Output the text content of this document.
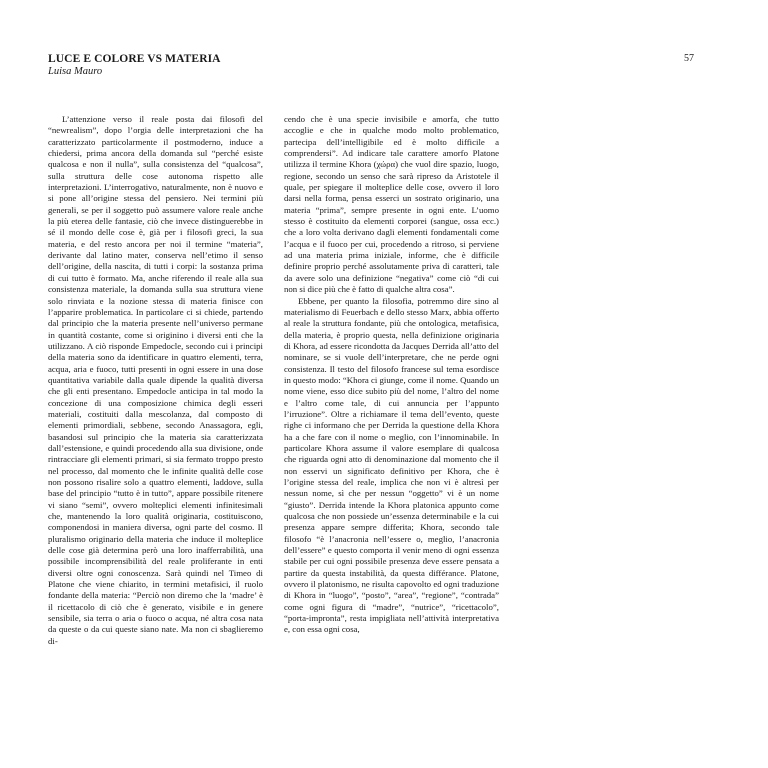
LUCE E COLORE VS MATERIA
Luisa Mauro
57

L’attenzione verso il reale posta dai filosofi del “newrealism”, dopo l’orgia delle interpretazioni che ha caratterizzato particolarmente il postmoderno, induce a chiedersi, prima ancora della domanda sul “perché esiste qualcosa e non il nulla”, sulla consistenza del “qualcosa”, sulla struttura delle cose autonoma rispetto alle interpretazioni. L’interrogativo, naturalmente, non è nuovo e si pone all’origine stessa del pensiero. Nei termini più generali, se per il soggetto può assumere valore reale anche la più eterea delle fantasie, ciò che invece distinguerebbe in sé il mondo delle cose è, già per i filosofi greci, la sua materia, e del resto ancora per noi il termine “materia”, derivante dal latino mater, conserva nell’etimo il senso dell’origine, della nascita, di tutti i corpi: la sostanza prima di cui tutto è formato. Ma, anche riferendo il reale alla sua consistenza materiale, la domanda sulla sua struttura viene solo rinviata e la nozione stessa di materia finisce con l’apparire problematica. In particolare ci si chiede, partendo dal principio che la materia presente nell’universo permane in quantità costante, come si originino i diversi enti che la utilizzano. A ciò risponde Empedocle, secondo cui i principi della materia sono da identificare in quattro elementi, terra, acqua, aria e fuoco, tutti presenti in ogni essere in una dose quantitativa variabile dalla quale dipende la qualità diversa che gli enti presentano. Empedocle anticipa in tal modo la concezione di una composizione chimica degli esseri materiali, costituiti dalla mescolanza, dal composto di elementi primordiali, sebbene, secondo Anassagora, egli, basandosi sul principio che la materia sia caratterizzata dall’estensione, e quindi procedendo alla sua divisione, onde rintracciare gli elementi primari, si sia fermato troppo presto nel processo, dal momento che le infinite qualità delle cose non possono risalire solo a quattro elementi, laddove, sulla base del principio “tutto è in tutto”, appare possibile ritenere vi siano “semi”, ovvero molteplici elementi infinitesimali che, mantenendo la loro qualità originaria, costituiscono, componendosi in maniera diversa, ogni parte del cosmo. Il pluralismo originario della materia che induce il molteplice delle cose già determina però una loro inafferrabilità, una possibile incomprensibilità del reale proliferante in enti diversi oltre ogni conoscenza. Sarà quindi nel Timeo di Platone che viene chiarito, in termini metafisici, il ruolo fondante della materia: “Perciò non diremo che la ‘madre’ è il ricettacolo di ciò che è generato, visibile e in genere sensibile, sia terra o aria o fuoco o acqua, né altra cosa nata da queste o da cui queste siano nate. Ma non ci sbaglieremo di-

cendo che è una specie invisibile e amorfa, che tutto accoglie e che in qualche modo molto problematico, partecipa dell’intelligibile ed è molto difficile a comprendersi”. Ad indicare tale carattere amorfo Platone utilizza il termine Khora (χώρα) che vuol dire spazio, luogo, regione, secondo un senso che sarà ripreso da Aristotele il quale, per spiegare il molteplice delle cose, ovvero il loro darsi nella forma, pensa esserci un sostrato originario, una materia “prima”, sempre presente in ogni ente. L’uomo stesso è costituito da elementi corporei (sangue, ossa ecc.) che a loro volta derivano dagli elementi fondamentali come l’acqua e il fuoco per cui, procedendo a ritroso, si perviene ad una materia prima iniziale, informe, che è difficile definire proprio perché assolutamente priva di caratteri, tale da avere solo una definizione “negativa” come ciò “di cui non si dice più che è fatto di qualche altra cosa”.

Ebbene, per quanto la filosofia, potremmo dire sino al materialismo di Feuerbach e dello stesso Marx, abbia offerto al reale la struttura fondante, più che ontologica, metafisica, della materia, è proprio questa, nella definizione originaria di Khora, ad essere ricondotta da Jacques Derrida all’atto del nominare, se si vuole dell’interpretare, che ne perde ogni consistenza. Il testo del filosofo francese sul tema esordisce in questo modo: “Khora ci giunge, come il nome. Quando un nome viene, esso dice subito più del nome, l’altro del nome e l’altro come tale, di cui annuncia per l’appunto l’irruzione”. Oltre a richiamare il tema dell’evento, queste righe ci informano che per Derrida la questione della Khora ha a che fare con il nome o meglio, con l’innominabile. In particolare Khora assume il valore esemplare di qualcosa che riguarda ogni atto di denominazione dal momento che il non esservi un significato definitivo per Khora, che è l’origine stessa del reale, implica che non vi è altresì per nessun nome, sì che per nessun “oggetto” vi è un nome “giusto”. Derrida intende la Khora platonica appunto come qualcosa che non possiede un’essenza determinabile e la cui presenza appare sempre differita; Khora, secondo tale filosofo “è l’anacronia nell’essere o, meglio, l’anacronia dell’essere” e questo comporta il venir meno di ogni essenza stabile per cui ogni possibile presenza deve essere pensata a partire da questa instabilità, da questa différance. Platone, ovvero il platonismo, ne risulta capovolto ed ogni traduzione di Khora in “luogo”, “posto”, “area”, “regione”, “contrada” come ogni figura di “madre”, “nutrice”, “ricettacolo”, “porta-impronta”, resta impigliata nell’attività interpretativa e, con essa ogni cosa,
